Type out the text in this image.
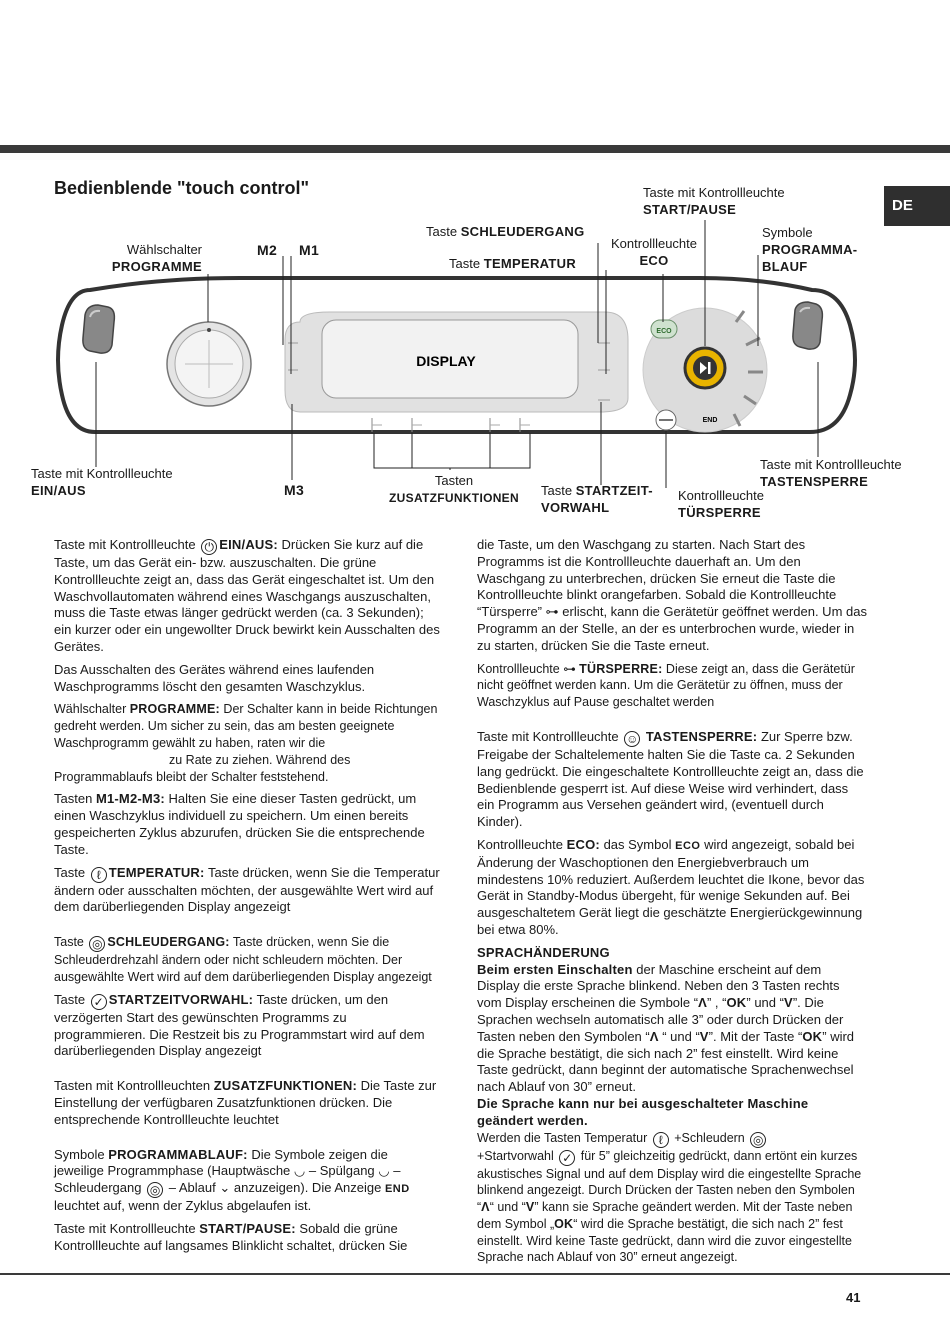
DE
Bedienblende "touch control"
DISPLAY
ECO
END
Taste mit Kontrollleuchte
START/PAUSE
Taste SCHLEUDERGANG
Taste TEMPERATUR
Kontrollleuchte
ECO
Symbole
PROGRAMMA-
BLAUF
Wählschalter
PROGRAMME
M2 M1
M3
Taste mit Kontrollleuchte
EIN/AUS
Tasten
ZUSATZFUNKTIONEN	Taste STARTZEIT-
VORWAHL
Kontrollleuchte
TÜRSPERRE
Taste mit Kontrollleuchte
TASTENSPERRE

Taste mit Kontrollleuchte ⏻ EIN/AUS: Drücken Sie kurz auf die Taste, um das Gerät ein- bzw. auszuschalten. Die grüne Kontrollleuchte zeigt an, dass das Gerät eingeschaltet ist. Um den Waschvollautomaten während eines Waschgangs auszuschalten, muss die Taste etwas länger gedrückt werden (ca. 3 Sekunden); ein kurzer oder ein ungewollter Druck bewirkt kein Ausschalten des Gerätes.

Das Ausschalten des Gerätes während eines laufenden Waschprogramms löscht den gesamten Waschzyklus.

Wählschalter PROGRAMME: Der Schalter kann in beide Richtungen gedreht werden. Um sicher zu sein, das am besten geeignete Waschprogramm gewählt zu haben, raten wir die
zu Rate zu ziehen. Während des Programmablaufs bleibt der Schalter feststehend.

Tasten M1-M2-M3: Halten Sie eine dieser Tasten gedrückt, um einen Waschzyklus individuell zu speichern. Um einen bereits gespeicherten Zyklus abzurufen, drücken Sie die entsprechende Taste.

Taste ℓ TEMPERATUR: Taste drücken, wenn Sie die Temperatur ändern oder ausschalten möchten, der ausgewählte Wert wird auf dem darüberliegenden Display angezeigt

Taste ◎ SCHLEUDERGANG: Taste drücken, wenn Sie die Schleuderdrehzahl ändern oder nicht schleudern möchten. Der ausgewählte Wert wird auf dem darüberliegenden Display angezeigt

Taste ✓ STARTZEITVORWAHL: Taste drücken, um den verzögerten Start des gewünschten Programms zu programmieren. Die Restzeit bis zu Programmstart wird auf dem darüberliegenden Display angezeigt

Tasten mit Kontrollleuchten ZUSATZFUNKTIONEN: Die Taste zur Einstellung der verfügbaren Zusatzfunktionen drücken. Die entsprechende Kontrollleuchte leuchtet

Symbole PROGRAMMABLAUF: Die Symbole zeigen die jeweilige Programmphase (Hauptwäsche ◡ – Spülgang ◡ – Schleudergang ◎ – Ablauf ⌄ anzuzeigen). Die Anzeige END leuchtet auf, wenn der Zyklus abgelaufen ist.

Taste mit Kontrollleuchte START/PAUSE: Sobald die grüne Kontrollleuchte auf langsames Blinklicht schaltet, drücken Sie

die Taste, um den Waschgang zu starten. Nach Start des Programms ist die Kontrollleuchte dauerhaft an. Um den Waschgang zu unterbrechen, drücken Sie erneut die Taste die Kontrollleuchte blinkt orangefarben. Sobald die Kontrollleuchte “Türsperre” ⊶ erlischt, kann die Gerätetür geöffnet werden. Um das Programm an der Stelle, an der es unterbrochen wurde, wieder in zu starten, drücken Sie die Taste erneut.

Kontrollleuchte ⊶ TÜRSPERRE: Diese zeigt an, dass die Gerätetür nicht geöffnet werden kann. Um die Gerätetür zu öffnen, muss der Waschzyklus auf Pause geschaltet werden

Taste mit Kontrollleuchte ☺ TASTENSPERRE: Zur Sperre bzw. Freigabe der Schaltelemente halten Sie die Taste ca. 2 Sekunden lang gedrückt. Die eingeschaltete Kontrollleuchte zeigt an, dass die Bedienblende gesperrt ist. Auf diese Weise wird verhindert, dass ein Programm aus Versehen geändert wird, (eventuell durch Kinder).

Kontrollleuchte ECO: das Symbol ECO wird angezeigt, sobald bei Änderung der Waschoptionen den Energiebverbrauch um mindestens 10% reduziert. Außerdem leuchtet die Ikone, bevor das Gerät in Standby-Modus übergeht, für wenige Sekunden auf. Bei ausgeschaltetem Gerät liegt die geschätzte Energierückgewinnung bei etwa 80%.

SPRACHÄNDERUNG

Beim ersten Einschalten der Maschine erscheint auf dem Display die erste Sprache blinkend. Neben den 3 Tasten rechts vom Display erscheinen die Symbole “Λ” , “OK” und “V”. Die Sprachen wechseln automatisch alle 3” oder durch Drücken der Tasten neben den Symbolen “Λ “ und “V”. Mit der Taste “OK” wird die Sprache bestätigt, die sich nach 2” fest einstellt. Wird keine Taste gedrückt, dann beginnt der automatische Sprachenwechsel nach Ablauf von 30” erneut.

Die Sprache kann nur bei ausgeschalteter Maschine geändert werden.

Werden die Tasten Temperatur ℓ +Schleudern ◎
+Startvorwahl ✓ für 5” gleichzeitig gedrückt, dann ertönt ein kurzes akustisches Signal und auf dem Display wird die eingestellte Sprache blinkend angezeigt. Durch Drücken der Tasten neben den Symbolen “Λ“ und “V” kann sie Sprache geändert werden. Mit der Taste neben dem Symbol „OK“ wird die Sprache bestätigt, die sich nach 2” fest einstellt. Wird keine Taste gedrückt, dann wird die zuvor eingestellte Sprache nach Ablauf von 30” erneut angezeigt.

41
